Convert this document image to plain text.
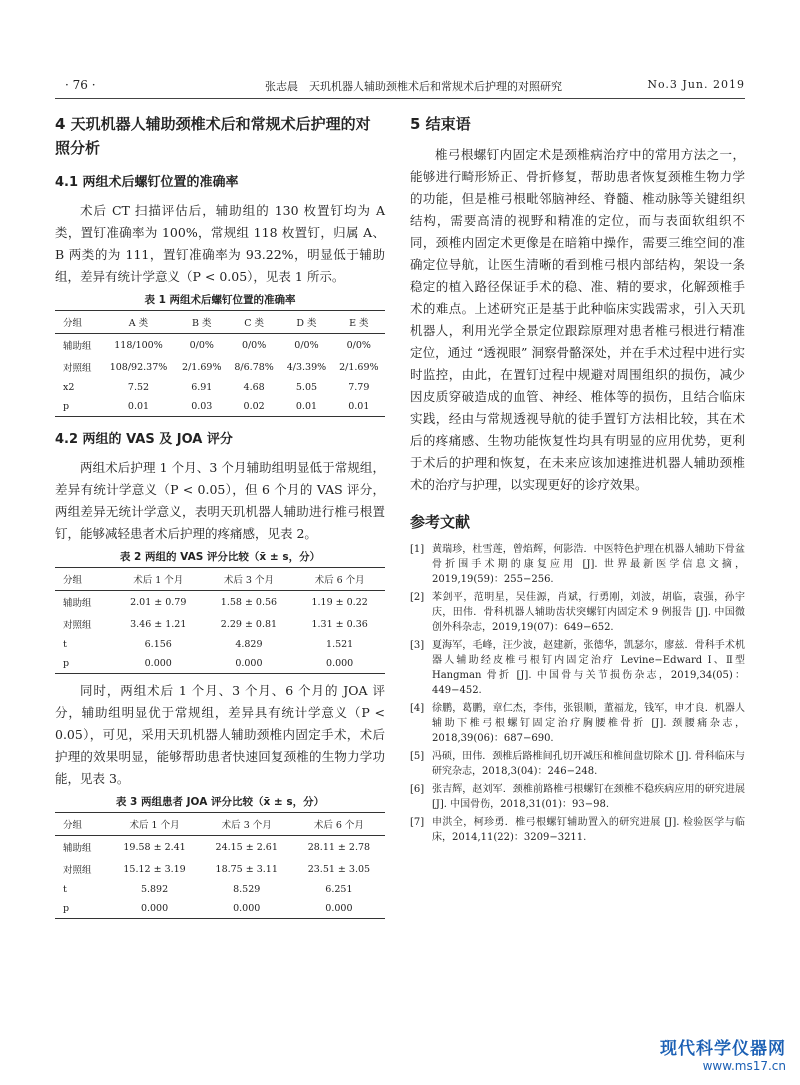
· 76 ·	张志晨　天玑机器人辅助颈椎术后和常规术后护理的对照研究	No.3 Jun. 2019
4 天玑机器人辅助颈椎术后和常规术后护理的对照分析
4.1 两组术后螺钉位置的准确率

术后 CT 扫描评估后，辅助组的 130 枚置钉均为 A 类，置钉准确率为 100%，常规组 118 枚置钉，归属 A、B 两类的为 111，置钉准确率为 93.22%，明显低于辅助组，差异有统计学意义（P < 0.05），见表 1 所示。

表 1 两组术后螺钉位置的准确率
分组	A 类	B 类	C 类	D 类	E 类
辅助组	118/100%	0/0%	0/0%	0/0%	0/0%
对照组	108/92.37%	2/1.69%	8/6.78%	4/3.39%	2/1.69%
x2	7.52	6.91	4.68	5.05	7.79
p	0.01	0.03	0.02	0.01	0.01
4.2 两组的 VAS 及 JOA 评分

两组术后护理 1 个月、3 个月辅助组明显低于常规组，差异有统计学意义（P < 0.05），但 6 个月的 VAS 评分，两组差异无统计学意义，表明天玑机器人辅助进行椎弓根置钉，能够减轻患者术后护理的疼痛感，见表 2。

表 2 两组的 VAS 评分比较（x̄ ± s，分）
分组	术后 1 个月	术后 3 个月	术后 6 个月
辅助组	2.01 ± 0.79	1.58 ± 0.56	1.19 ± 0.22
对照组	3.46 ± 1.21	2.29 ± 0.81	1.31 ± 0.36
t	6.156	4.829	1.521
p	0.000	0.000	0.000

同时，两组术后 1 个月、3 个月、6 个月的 JOA 评分，辅助组明显优于常规组，差异具有统计学意义（P < 0.05），可见，采用天玑机器人辅助颈椎内固定手术，术后护理的效果明显，能够帮助患者快速回复颈椎的生物力学功能，见表 3。

表 3 两组患者 JOA 评分比较（x̄ ± s，分）
分组	术后 1 个月	术后 3 个月	术后 6 个月
辅助组	19.58 ± 2.41	24.15 ± 2.61	28.11 ± 2.78
对照组	15.12 ± 3.19	18.75 ± 3.11	23.51 ± 3.05
t	5.892	8.529	6.251
p	0.000	0.000	0.000
5 结束语

椎弓根螺钉内固定术是颈椎病治疗中的常用方法之一，能够进行畸形矫正、骨折修复，帮助患者恢复颈椎生物力学的功能，但是椎弓根毗邻脑神经、脊髓、椎动脉等关键组织结构，需要高清的视野和精准的定位，而与表面软组织不同，颈椎内固定术更像是在暗箱中操作，需要三维空间的准确定位导航，让医生清晰的看到椎弓根内部结构，架设一条稳定的植入路径保证手术的稳、准、精的要求，化解颈椎手术的难点。上述研究正是基于此种临床实践需求，引入天玑机器人，利用光学全景定位跟踪原理对患者椎弓根进行精准定位，通过 “透视眼” 洞察骨骼深处，并在手术过程中进行实时监控，由此，在置钉过程中规避对周围组织的损伤，减少因皮质穿破造成的血管、神经、椎体等的损伤，且结合临床实践，经由与常规透视导航的徒手置钉方法相比较，其在术后的疼痛感、生物功能恢复性均具有明显的应用优势，更利于术后的护理和恢复，在未来应该加速推进机器人辅助颈椎术的治疗与护理，以实现更好的诊疗效果。

参考文献
[1] 黄瑞珍，杜雪莲，曾焰辉，何影浩．中医特色护理在机器人辅助下骨盆骨折围手术期的康复应用 [J]. 世界最新医学信息文摘，2019,19(59)：255−256.
[2] 苯剑平，范明星，吴佳源，肖斌，行勇刚，刘波，胡临，袁强，孙宇庆，田伟．骨科机器人辅助齿状突螺钉内固定术 9 例报告 [J]. 中国微创外科杂志，2019,19(07)：649−652.
[3] 夏海军，毛峰，汪少波，赵建新，张德华，凯瑟尔，廖兹．骨科手术机器人辅助经皮椎弓根钉内固定治疗 Levine−Edward Ⅰ、Ⅱ型 Hangman 骨折 [J]. 中国骨与关节损伤杂志，2019,34(05)：449−452.
[4] 徐鹏，葛鹏，章仁杰，李伟，张银顺，董福龙，钱军，申才良．机器人辅助下椎弓根螺钉固定治疗胸腰椎骨折 [J]. 颈腰痛杂志，2018,39(06)：687−690.
[5] 冯硕，田伟．颈椎后路椎间孔切开减压和椎间盘切除术 [J]. 骨科临床与研究杂志，2018,3(04)：246−248.
[6] 张吉辉，赵刘军．颈椎前路椎弓根螺钉在颈椎不稳疾病应用的研究进展 [J]. 中国骨伤，2018,31(01)：93−98.
[7] 申洪全，柯珍勇．椎弓根螺钉辅助置入的研究进展 [J]. 检验医学与临床，2014,11(22)：3209−3211.
现代科学仪器网
www.ms17.cn
